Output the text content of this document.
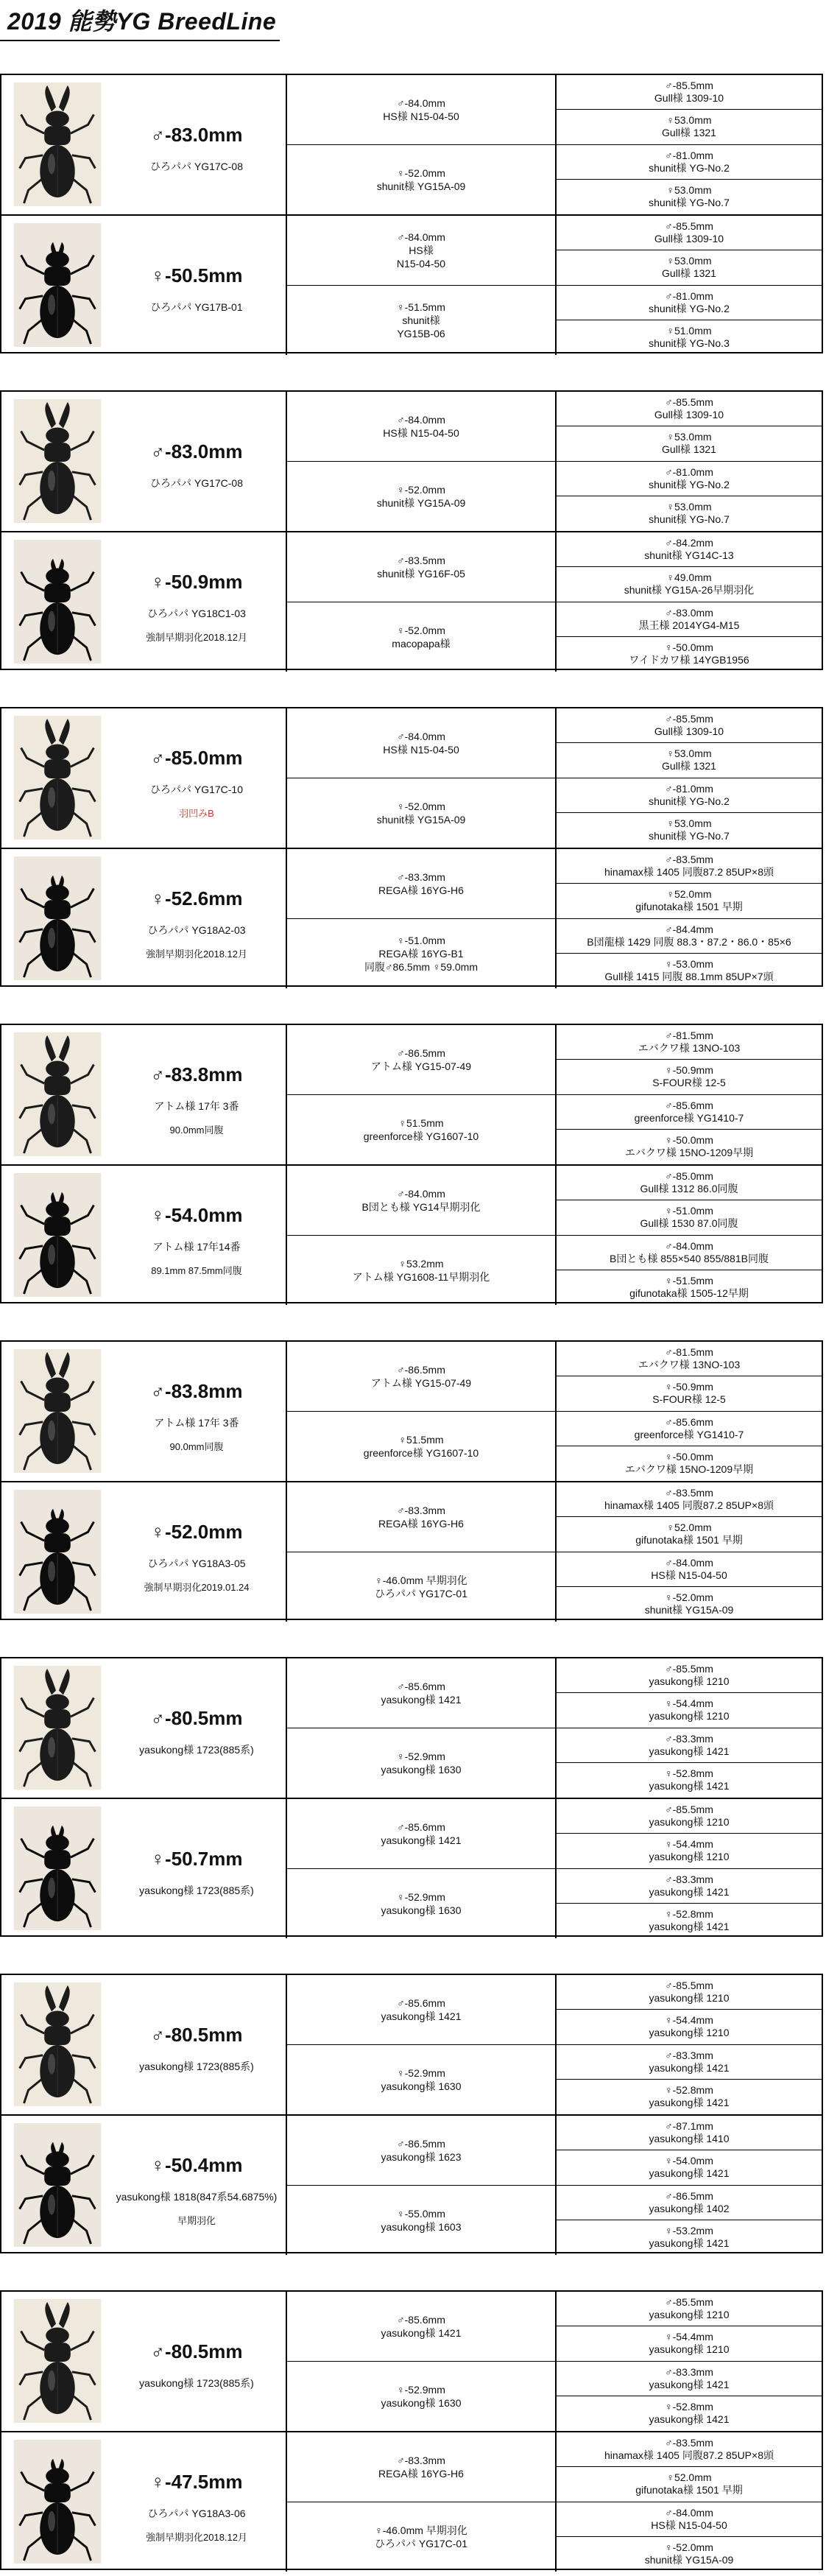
2019 能勢YG BreedLine
♂-83.0mm
ひろパパ YG17C-08
♂-84.0mm
HS様 N15-04-50
♀-52.0mm
shunit様 YG15A-09
♂-85.5mm
Gull様 1309-10
♀53.0mm
Gull様 1321
♂-81.0mm
shunit様 YG-No.2
♀53.0mm
shunit様 YG-No.7
♀-50.5mm
ひろパパ YG17B-01
♂-84.0mm
HS様
N15-04-50
♀-51.5mm
shunit様
YG15B-06
♂-85.5mm
Gull様 1309-10
♀53.0mm
Gull様 1321
♂-81.0mm
shunit様 YG-No.2
♀51.0mm
shunit様 YG-No.3
♂-83.0mm
ひろパパ YG17C-08
♂-84.0mm
HS様 N15-04-50
♀-52.0mm
shunit様 YG15A-09
♂-85.5mm
Gull様 1309-10
♀53.0mm
Gull様 1321
♂-81.0mm
shunit様 YG-No.2
♀53.0mm
shunit様 YG-No.7
♀-50.9mm
ひろパパ YG18C1-03
強制早期羽化2018.12月
♂-83.5mm
shunit様 YG16F-05
♀-52.0mm
macopapa様
♂-84.2mm
shunit様 YG14C-13
♀49.0mm
shunit様 YG15A-26早期羽化
♂-83.0mm
黒王様 2014YG4-M15
♀-50.0mm
ワイドカワ様 14YGB1956
♂-85.0mm
ひろパパ YG17C-10
羽凹みB
♂-84.0mm
HS様 N15-04-50
♀-52.0mm
shunit様 YG15A-09
♂-85.5mm
Gull様 1309-10
♀53.0mm
Gull様 1321
♂-81.0mm
shunit様 YG-No.2
♀53.0mm
shunit様 YG-No.7
♀-52.6mm
ひろパパ YG18A2-03
強制早期羽化2018.12月
♂-83.3mm
REGA様 16YG-H6
♀-51.0mm
REGA様 16YG-B1
同腹♂86.5mm ♀59.0mm
♂-83.5mm
hinamax様 1405 同腹87.2 85UP×8頭
♀52.0mm
gifunotaka様 1501 早期
♂-84.4mm
B団龍様 1429 同腹 88.3・87.2・86.0・85×6
♀-53.0mm
Gull様 1415 同腹 88.1mm 85UP×7頭
♂-83.8mm
アトム様 17年 3番
90.0mm同腹
♂-86.5mm
アトム様 YG15-07-49
♀51.5mm
greenforce様 YG1607-10
♂-81.5mm
エバクワ様 13NO-103
♀-50.9mm
S-FOUR様 12-5
♂-85.6mm
greenforce様 YG1410-7
♀-50.0mm
エバクワ様 15NO-1209早期
♀-54.0mm
アトム様 17年14番
89.1mm 87.5mm同腹
♂-84.0mm
B団とも様 YG14早期羽化
♀53.2mm
アトム様 YG1608-11早期羽化
♂-85.0mm
Gull様 1312 86.0同腹
♀-51.0mm
Gull様 1530 87.0同腹
♂-84.0mm
B団とも様 855×540 855/881B同腹
♀-51.5mm
gifunotaka様 1505-12早期
♂-83.8mm
アトム様 17年 3番
90.0mm同腹
♂-86.5mm
アトム様 YG15-07-49
♀51.5mm
greenforce様 YG1607-10
♂-81.5mm
エバクワ様 13NO-103
♀-50.9mm
S-FOUR様 12-5
♂-85.6mm
greenforce様 YG1410-7
♀-50.0mm
エバクワ様 15NO-1209早期
♀-52.0mm
ひろパパ YG18A3-05
強制早期羽化2019.01.24
♂-83.3mm
REGA様 16YG-H6
♀-46.0mm 早期羽化
ひろパパ YG17C-01
♂-83.5mm
hinamax様 1405 同腹87.2 85UP×8頭
♀52.0mm
gifunotaka様 1501 早期
♂-84.0mm
HS様 N15-04-50
♀-52.0mm
shunit様 YG15A-09
♂-80.5mm
yasukong様 1723(885系)
♂-85.6mm
yasukong様 1421
♀-52.9mm
yasukong様 1630
♂-85.5mm
yasukong様 1210
♀-54.4mm
yasukong様 1210
♂-83.3mm
yasukong様 1421
♀-52.8mm
yasukong様 1421
♀-50.7mm
yasukong様 1723(885系)
♂-85.6mm
yasukong様 1421
♀-52.9mm
yasukong様 1630
♂-85.5mm
yasukong様 1210
♀-54.4mm
yasukong様 1210
♂-83.3mm
yasukong様 1421
♀-52.8mm
yasukong様 1421
♂-80.5mm
yasukong様 1723(885系)
♂-85.6mm
yasukong様 1421
♀-52.9mm
yasukong様 1630
♂-85.5mm
yasukong様 1210
♀-54.4mm
yasukong様 1210
♂-83.3mm
yasukong様 1421
♀-52.8mm
yasukong様 1421
♀-50.4mm
yasukong様 1818(847系54.6875%)
早期羽化
♂-86.5mm
yasukong様 1623
♀-55.0mm
yasukong様 1603
♂-87.1mm
yasukong様 1410
♀-54.0mm
yasukong様 1421
♂-86.5mm
yasukong様 1402
♀-53.2mm
yasukong様 1421
♂-80.5mm
yasukong様 1723(885系)
♂-85.6mm
yasukong様 1421
♀-52.9mm
yasukong様 1630
♂-85.5mm
yasukong様 1210
♀-54.4mm
yasukong様 1210
♂-83.3mm
yasukong様 1421
♀-52.8mm
yasukong様 1421
♀-47.5mm
ひろパパ YG18A3-06
強制早期羽化2018.12月
♂-83.3mm
REGA様 16YG-H6
♀-46.0mm 早期羽化
ひろパパ YG17C-01
♂-83.5mm
hinamax様 1405 同腹87.2 85UP×8頭
♀52.0mm
gifunotaka様 1501 早期
♂-84.0mm
HS様 N15-04-50
♀-52.0mm
shunit様 YG15A-09
